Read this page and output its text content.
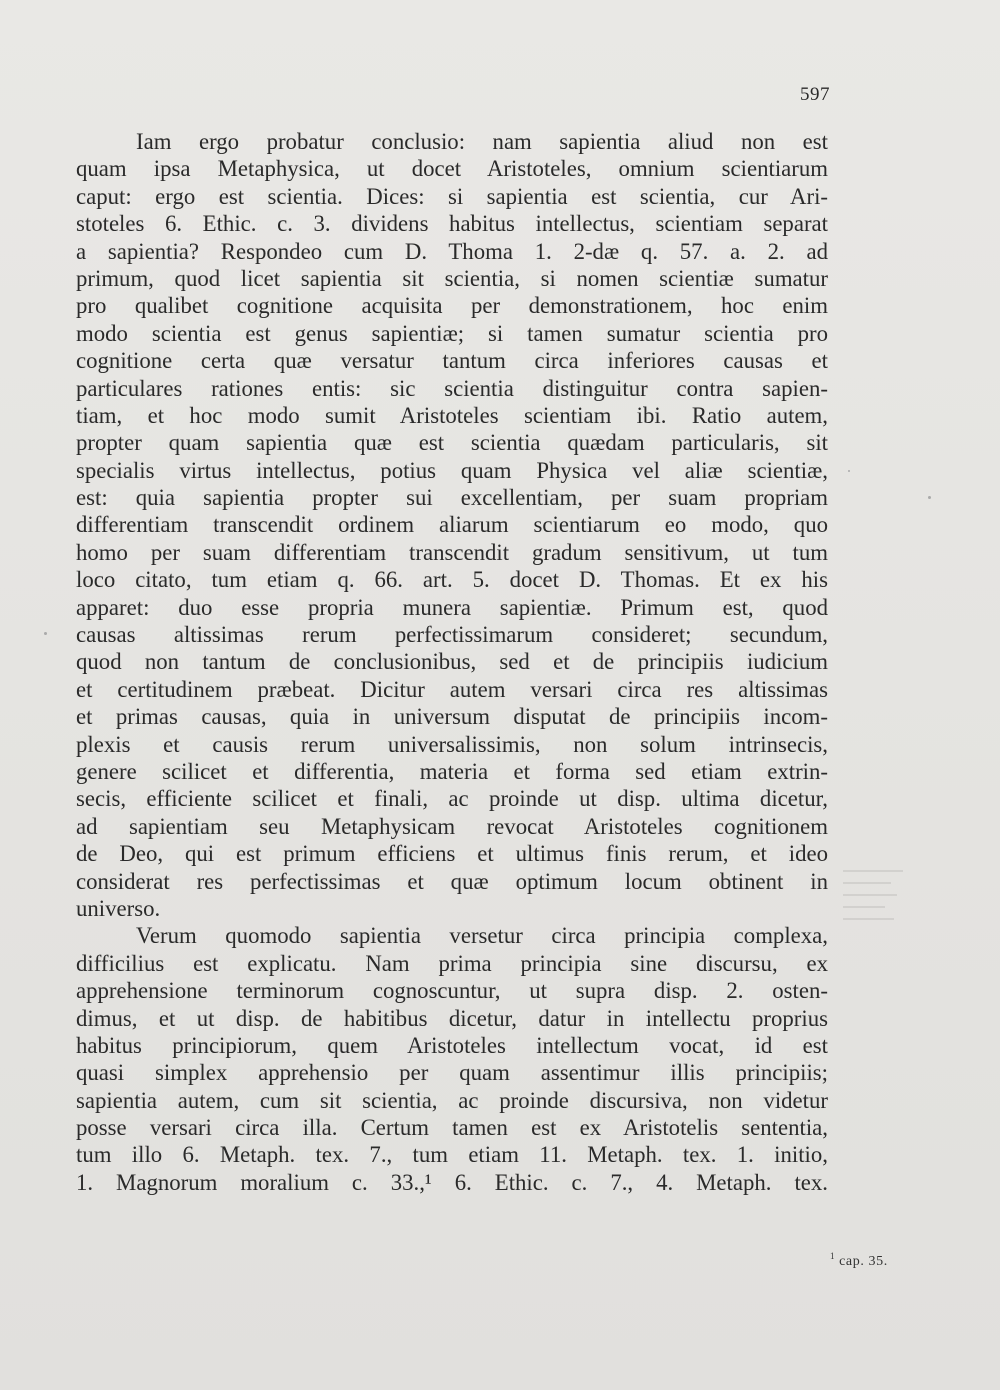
597
Iam ergo probatur conclusio: nam sapientia aliud non est
quam ipsa Metaphysica, ut docet Aristoteles, omnium scientiarum
caput: ergo est scientia. Dices: si sapientia est scientia, cur Ari-
stoteles 6. Ethic. c. 3. dividens habitus intellectus, scientiam separat
a sapientia? Respondeo cum D. Thoma 1. 2-dæ q. 57. a. 2. ad
primum, quod licet sapientia sit scientia, si nomen scientiæ sumatur
pro qualibet cognitione acquisita per demonstrationem, hoc enim
modo scientia est genus sapientiæ; si tamen sumatur scientia pro
cognitione certa quæ versatur tantum circa inferiores causas et
particulares rationes entis: sic scientia distinguitur contra sapien-
tiam, et hoc modo sumit Aristoteles scientiam ibi. Ratio autem,
propter quam sapientia quæ est scientia quædam particularis, sit
specialis virtus intellectus, potius quam Physica vel aliæ scientiæ,
est: quia sapientia propter sui excellentiam, per suam propriam
differentiam transcendit ordinem aliarum scientiarum eo modo, quo
homo per suam differentiam transcendit gradum sensitivum, ut tum
loco citato, tum etiam q. 66. art. 5. docet D. Thomas. Et ex his
apparet: duo esse propria munera sapientiæ. Primum est, quod
causas altissimas rerum perfectissimarum consideret; secundum,
quod non tantum de conclusionibus, sed et de principiis iudicium
et certitudinem præbeat. Dicitur autem versari circa res altissimas
et primas causas, quia in universum disputat de principiis incom-
plexis et causis rerum universalissimis, non solum intrinsecis,
genere scilicet et differentia, materia et forma sed etiam extrin-
secis, efficiente scilicet et finali, ac proinde ut disp. ultima dicetur,
ad sapientiam seu Metaphysicam revocat Aristoteles cognitionem
de Deo, qui est primum efficiens et ultimus finis rerum, et ideo
considerat res perfectissimas et quæ optimum locum obtinent in
universo.
Verum quomodo sapientia versetur circa principia complexa,
difficilius est explicatu. Nam prima principia sine discursu, ex
apprehensione terminorum cognoscuntur, ut supra disp. 2. osten-
dimus, et ut disp. de habitibus dicetur, datur in intellectu proprius
habitus principiorum, quem Aristoteles intellectum vocat, id est
quasi simplex apprehensio per quam assentimur illis principiis;
sapientia autem, cum sit scientia, ac proinde discursiva, non videtur
posse versari circa illa. Certum tamen est ex Aristotelis sententia,
tum illo 6. Metaph. tex. 7., tum etiam 11. Metaph. tex. 1. initio,
1. Magnorum moralium c. 33.,¹ 6. Ethic. c. 7., 4. Metaph. tex.
$^1$ cap. 35.
